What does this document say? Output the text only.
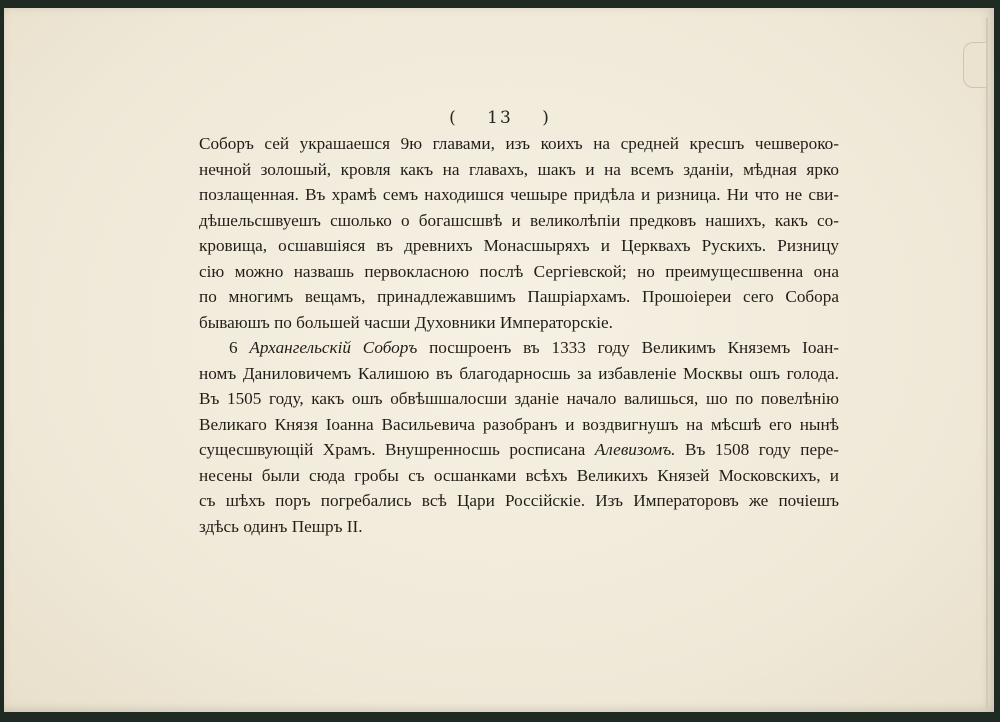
( 13 )
Соборъ сей украшаешся 9ю главами, изъ коихъ на средней кресшъ чешвероко-
нечной золошый, кровля какъ на главахъ, шакъ и на всемъ зданіи, мѣдная ярко
позлащенная. Въ храмѣ семъ находишся чешыре придѣла и ризница. Ни что не сви-
дѣшельсшвуешъ сшолько о богашсшвѣ и великолѣпіи предковъ нашихъ, какъ со-
кровища, осшавшіяся въ древнихъ Монасшыряхъ и Церквахъ Рускихъ. Ризницу
сію можно назвашь первокласною послѣ Сергіевской; но преимущесшвенна она
по многимъ вещамъ, принадлежавшимъ Пашріархамъ. Прошоіереи сего Собора
бываюшъ по большей часши Духовники Императорскіе.
6 Архангельскій Соборъ посшроенъ въ 1333 году Великимъ Княземъ Іоан-
номъ Даниловичемъ Калишою въ благодарносшь за избавленіе Москвы ошъ голода.
Въ 1505 году, какъ ошъ обвѣшшалосши зданіе начало валишься, шо по повелѣнію
Великаго Князя Іоанна Васильевича разобранъ и воздвигнушъ на мѣсшѣ его нынѣ
сущесшвующій Храмъ. Внушренносшь росписана Алевизомъ. Въ 1508 году пере-
несены были сюда гробы съ осшанками всѣхъ Великихъ Князей Московскихъ, и
съ шѣхъ поръ погребались всѣ Цари Россійскіе. Изъ Императоровъ же почіешъ
здѣсь одинъ Пешръ II.
